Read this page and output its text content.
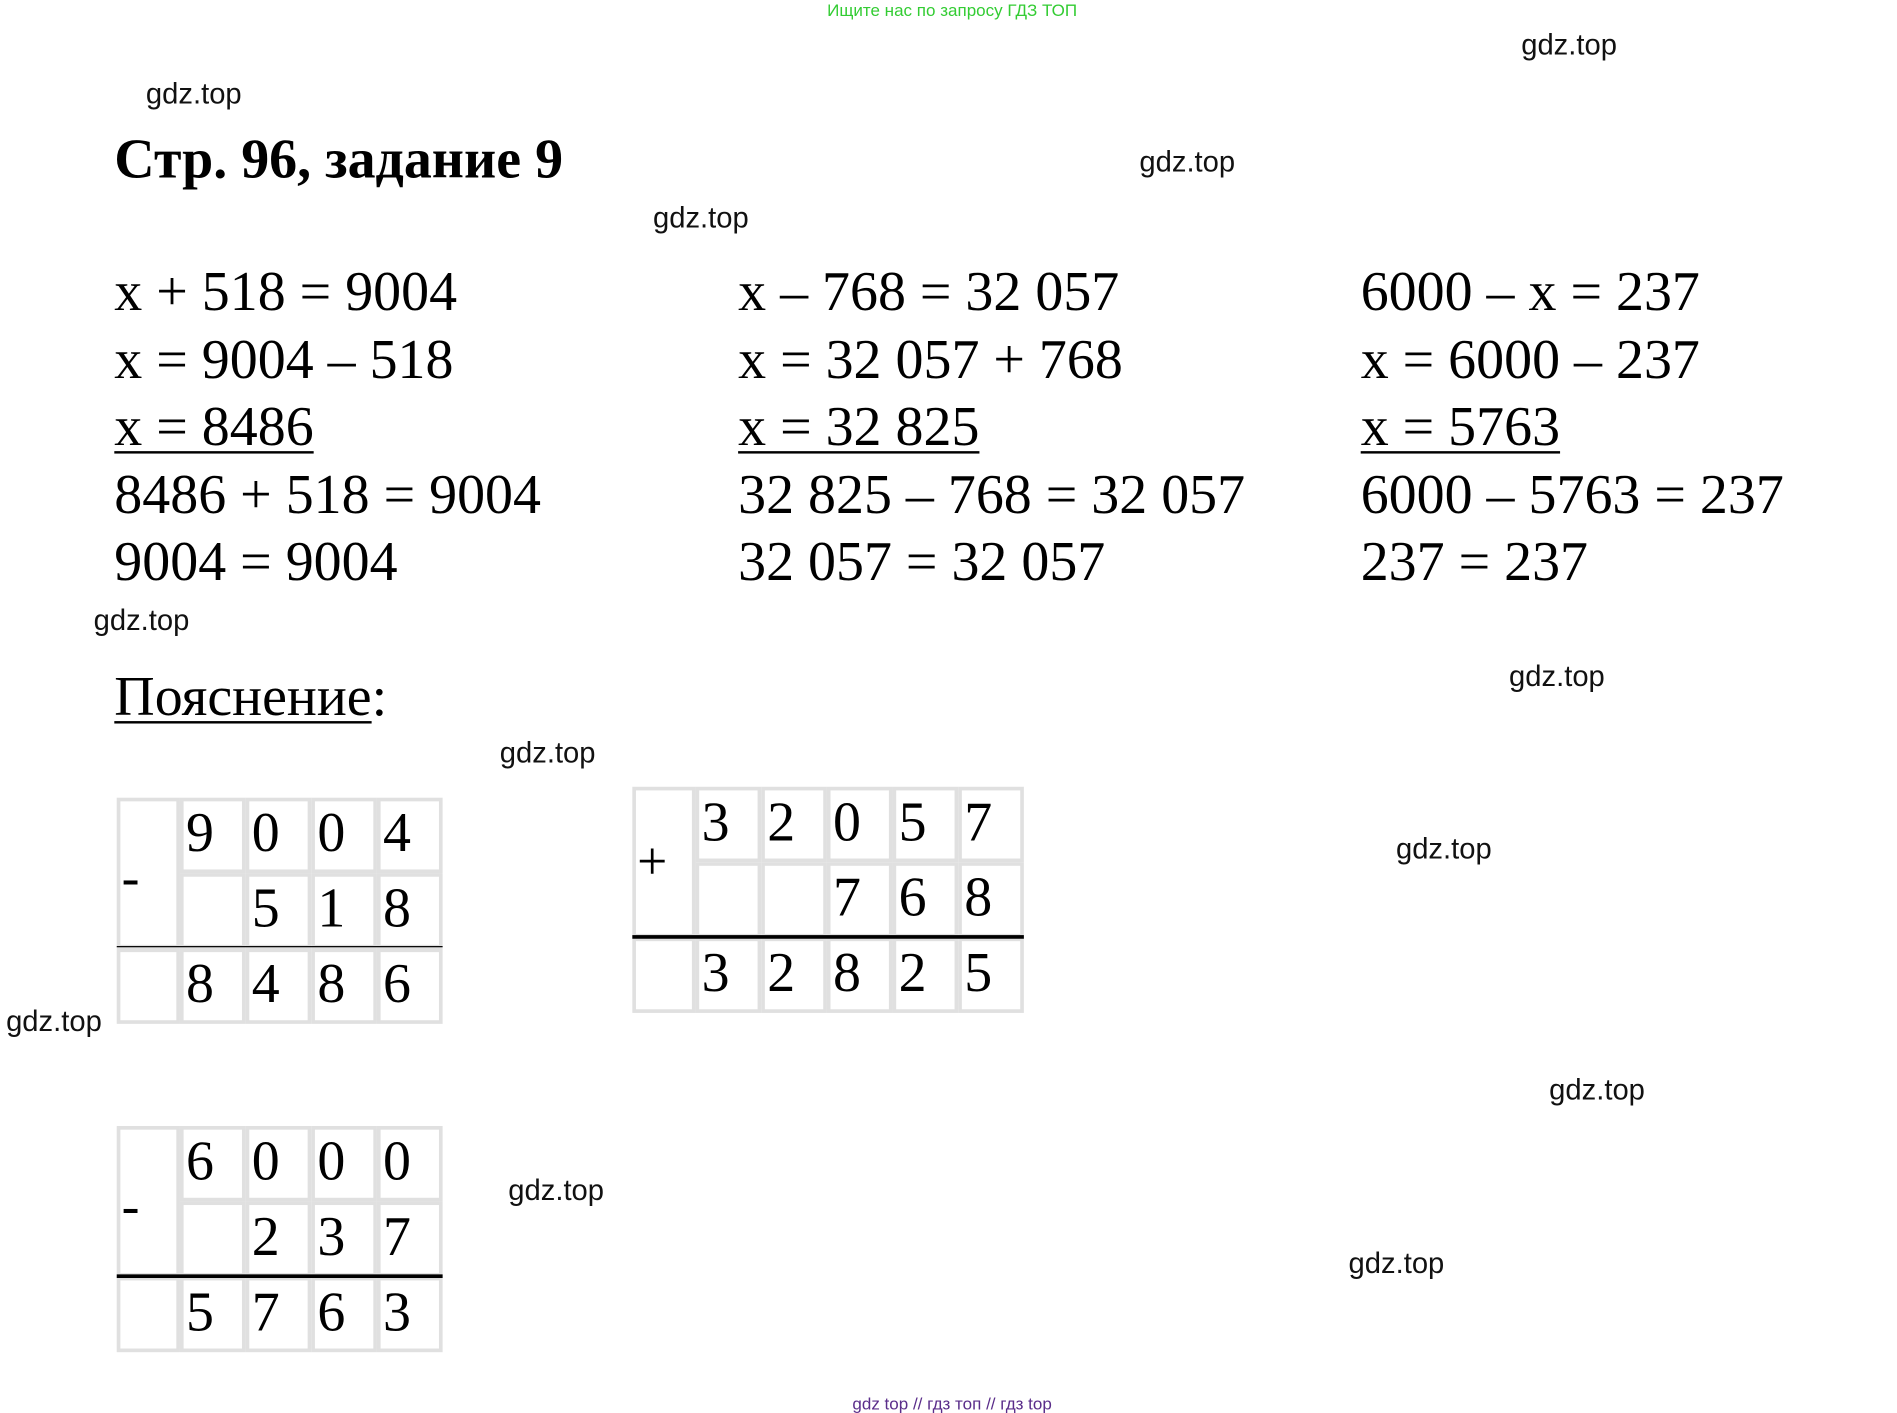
Ищите нас по запросу ГДЗ ТОП
gdz.top
gdz.top
gdz.top
gdz.top
gdz.top
gdz.top
gdz.top
gdz.top
gdz.top
gdz.top
gdz.top
gdz.top
Стр. 96, задание 9
x + 518 = 9004
x = 9004 – 518
x = 8486
8486 + 518 = 9004
9004 = 9004
x – 768 = 32 057
x = 32 057 + 768
x = 32 825
32 825 – 768 = 32 057
32 057 = 32 057
6000 – x = 237
x = 6000 – 237
x = 5763
6000 – 5763 = 237
237 = 237
Пояснение:
-
9 0 0 4
5 1 8
8 4 8 6
+
3 2 0 5 7
7 6 8
3 2 8 2 5
-
6 0 0 0
2 3 7
5 7 6 3
gdz top // гдз топ // гдз top
